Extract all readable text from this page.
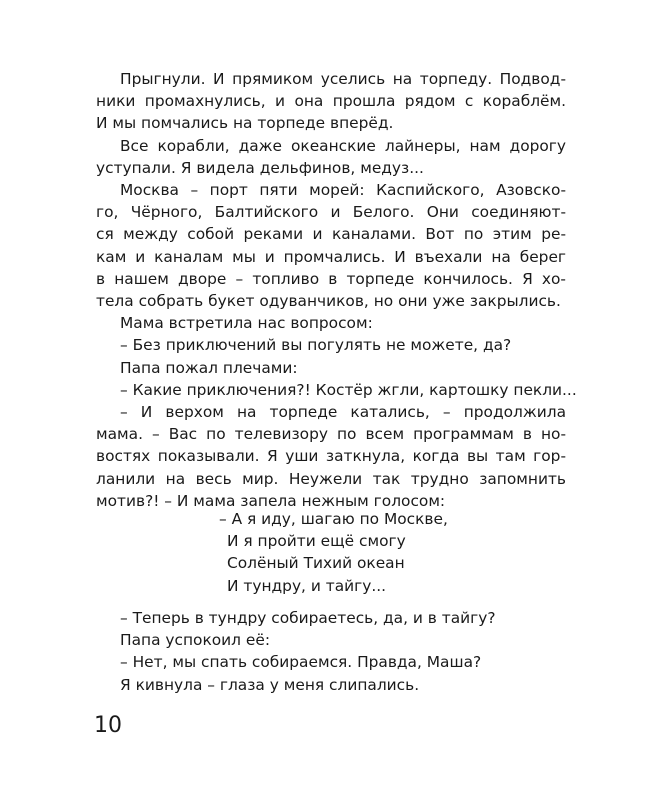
Прыгнули. И прямиком уселись на торпеду. Подвод-
ники промахнулись, и она прошла рядом с кораблём.
И мы помчались на торпеде вперёд.
Все корабли, даже океанские лайнеры, нам дорогу
уступали. Я видела дельфинов, медуз...
Москва – порт пяти морей: Каспийского, Азовско-
го, Чёрного, Балтийского и Белого. Они соединяют-
ся между собой реками и каналами. Вот по этим ре-
кам и каналам мы и промчались. И въехали на берег
в нашем дворе – топливо в торпеде кончилось. Я хо-
тела собрать букет одуванчиков, но они уже закрылись.
Мама встретила нас вопросом:
– Без приключений вы погулять не можете, да?
Папа пожал плечами:
– Какие приключения?! Костёр жгли, картошку пекли...
– И верхом на торпеде катались, – продолжила
мама. – Вас по телевизору по всем программам в но-
востях показывали. Я уши заткнула, когда вы там гор-
ланили на весь мир. Неужели так трудно запомнить
мотив?! – И мама запела нежным голосом:
– А я иду, шагаю по Москве,
И я пройти ещё смогу
Солёный Тихий океан
И тундру, и тайгу...
– Теперь в тундру собираетесь, да, и в тайгу?
Папа успокоил её:
– Нет, мы спать собираемся. Правда, Маша?
Я кивнула – глаза у меня слипались.
10
